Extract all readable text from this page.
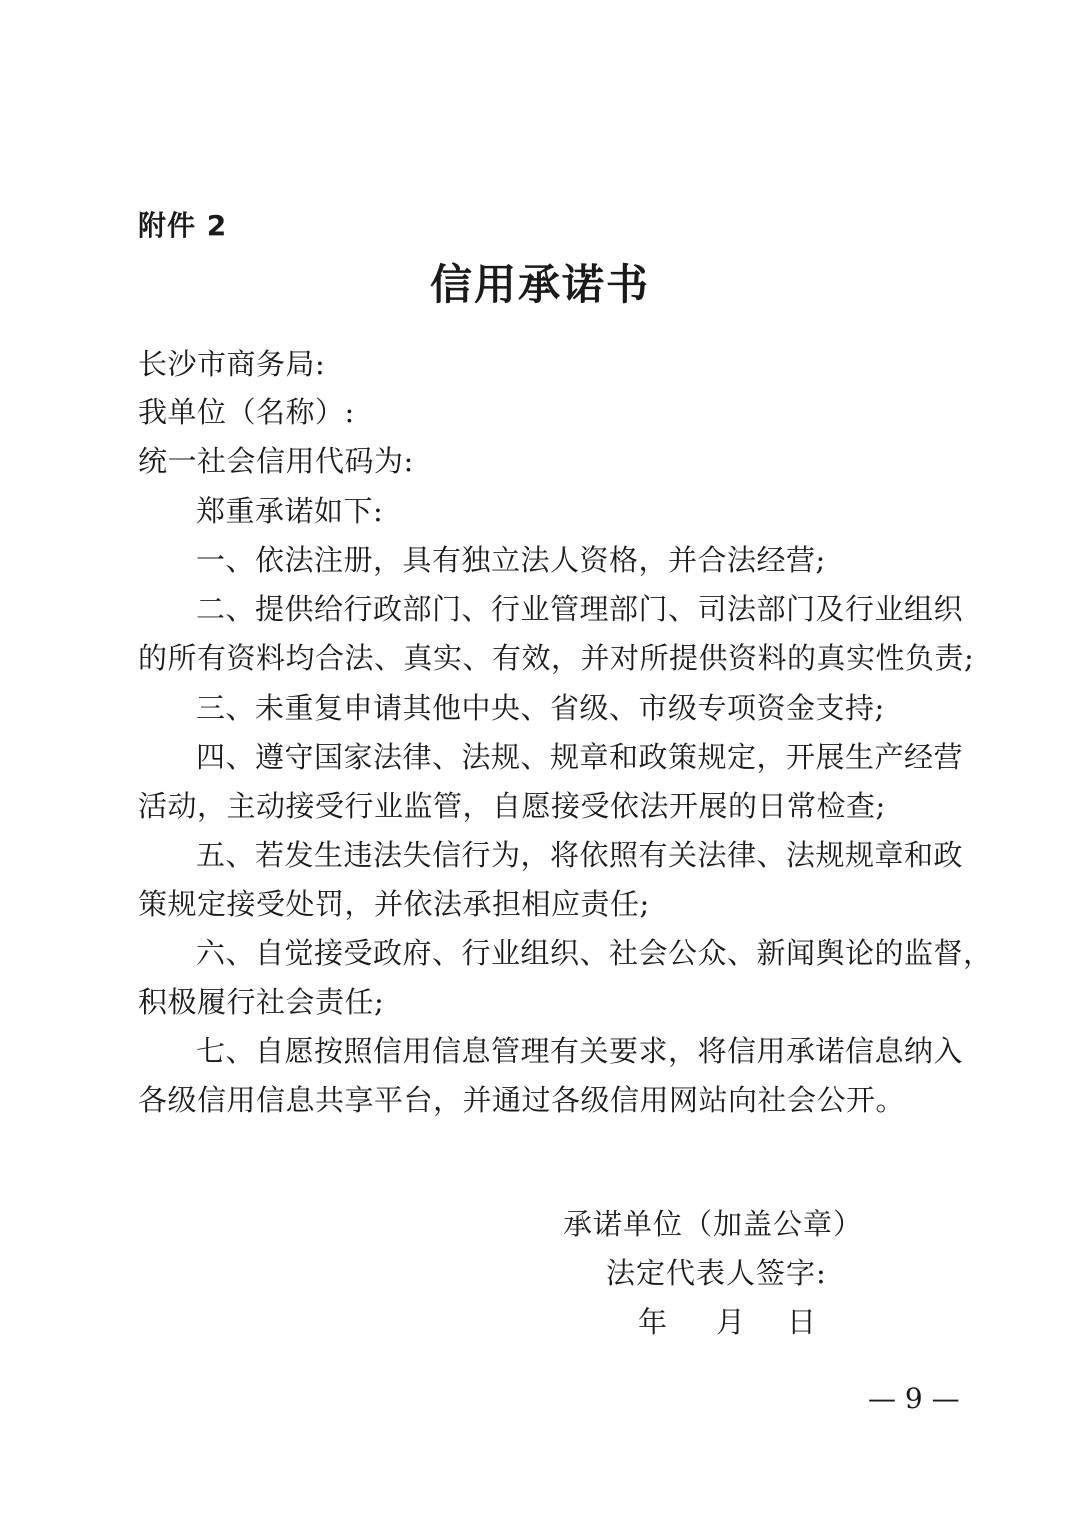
附件 2
信用承诺书
长沙市商务局:
我单位（名称）:
统一社会信用代码为:
郑重承诺如下:
一、依法注册，具有独立法人资格，并合法经营;
二、提供给行政部门、行业管理部门、司法部门及行业组织
的所有资料均合法、真实、有效，并对所提供资料的真实性负责;
三、未重复申请其他中央、省级、市级专项资金支持;
四、遵守国家法律、法规、规章和政策规定，开展生产经营
活动，主动接受行业监管，自愿接受依法开展的日常检查;
五、若发生违法失信行为，将依照有关法律、法规规章和政
策规定接受处罚，并依法承担相应责任;
六、自觉接受政府、行业组织、社会公众、新闻舆论的监督，
积极履行社会责任;
七、自愿按照信用信息管理有关要求，将信用承诺信息纳入
各级信用信息共享平台，并通过各级信用网站向社会公开。
承诺单位（加盖公章）
法定代表人签字:
年 月 日
— 9 —
